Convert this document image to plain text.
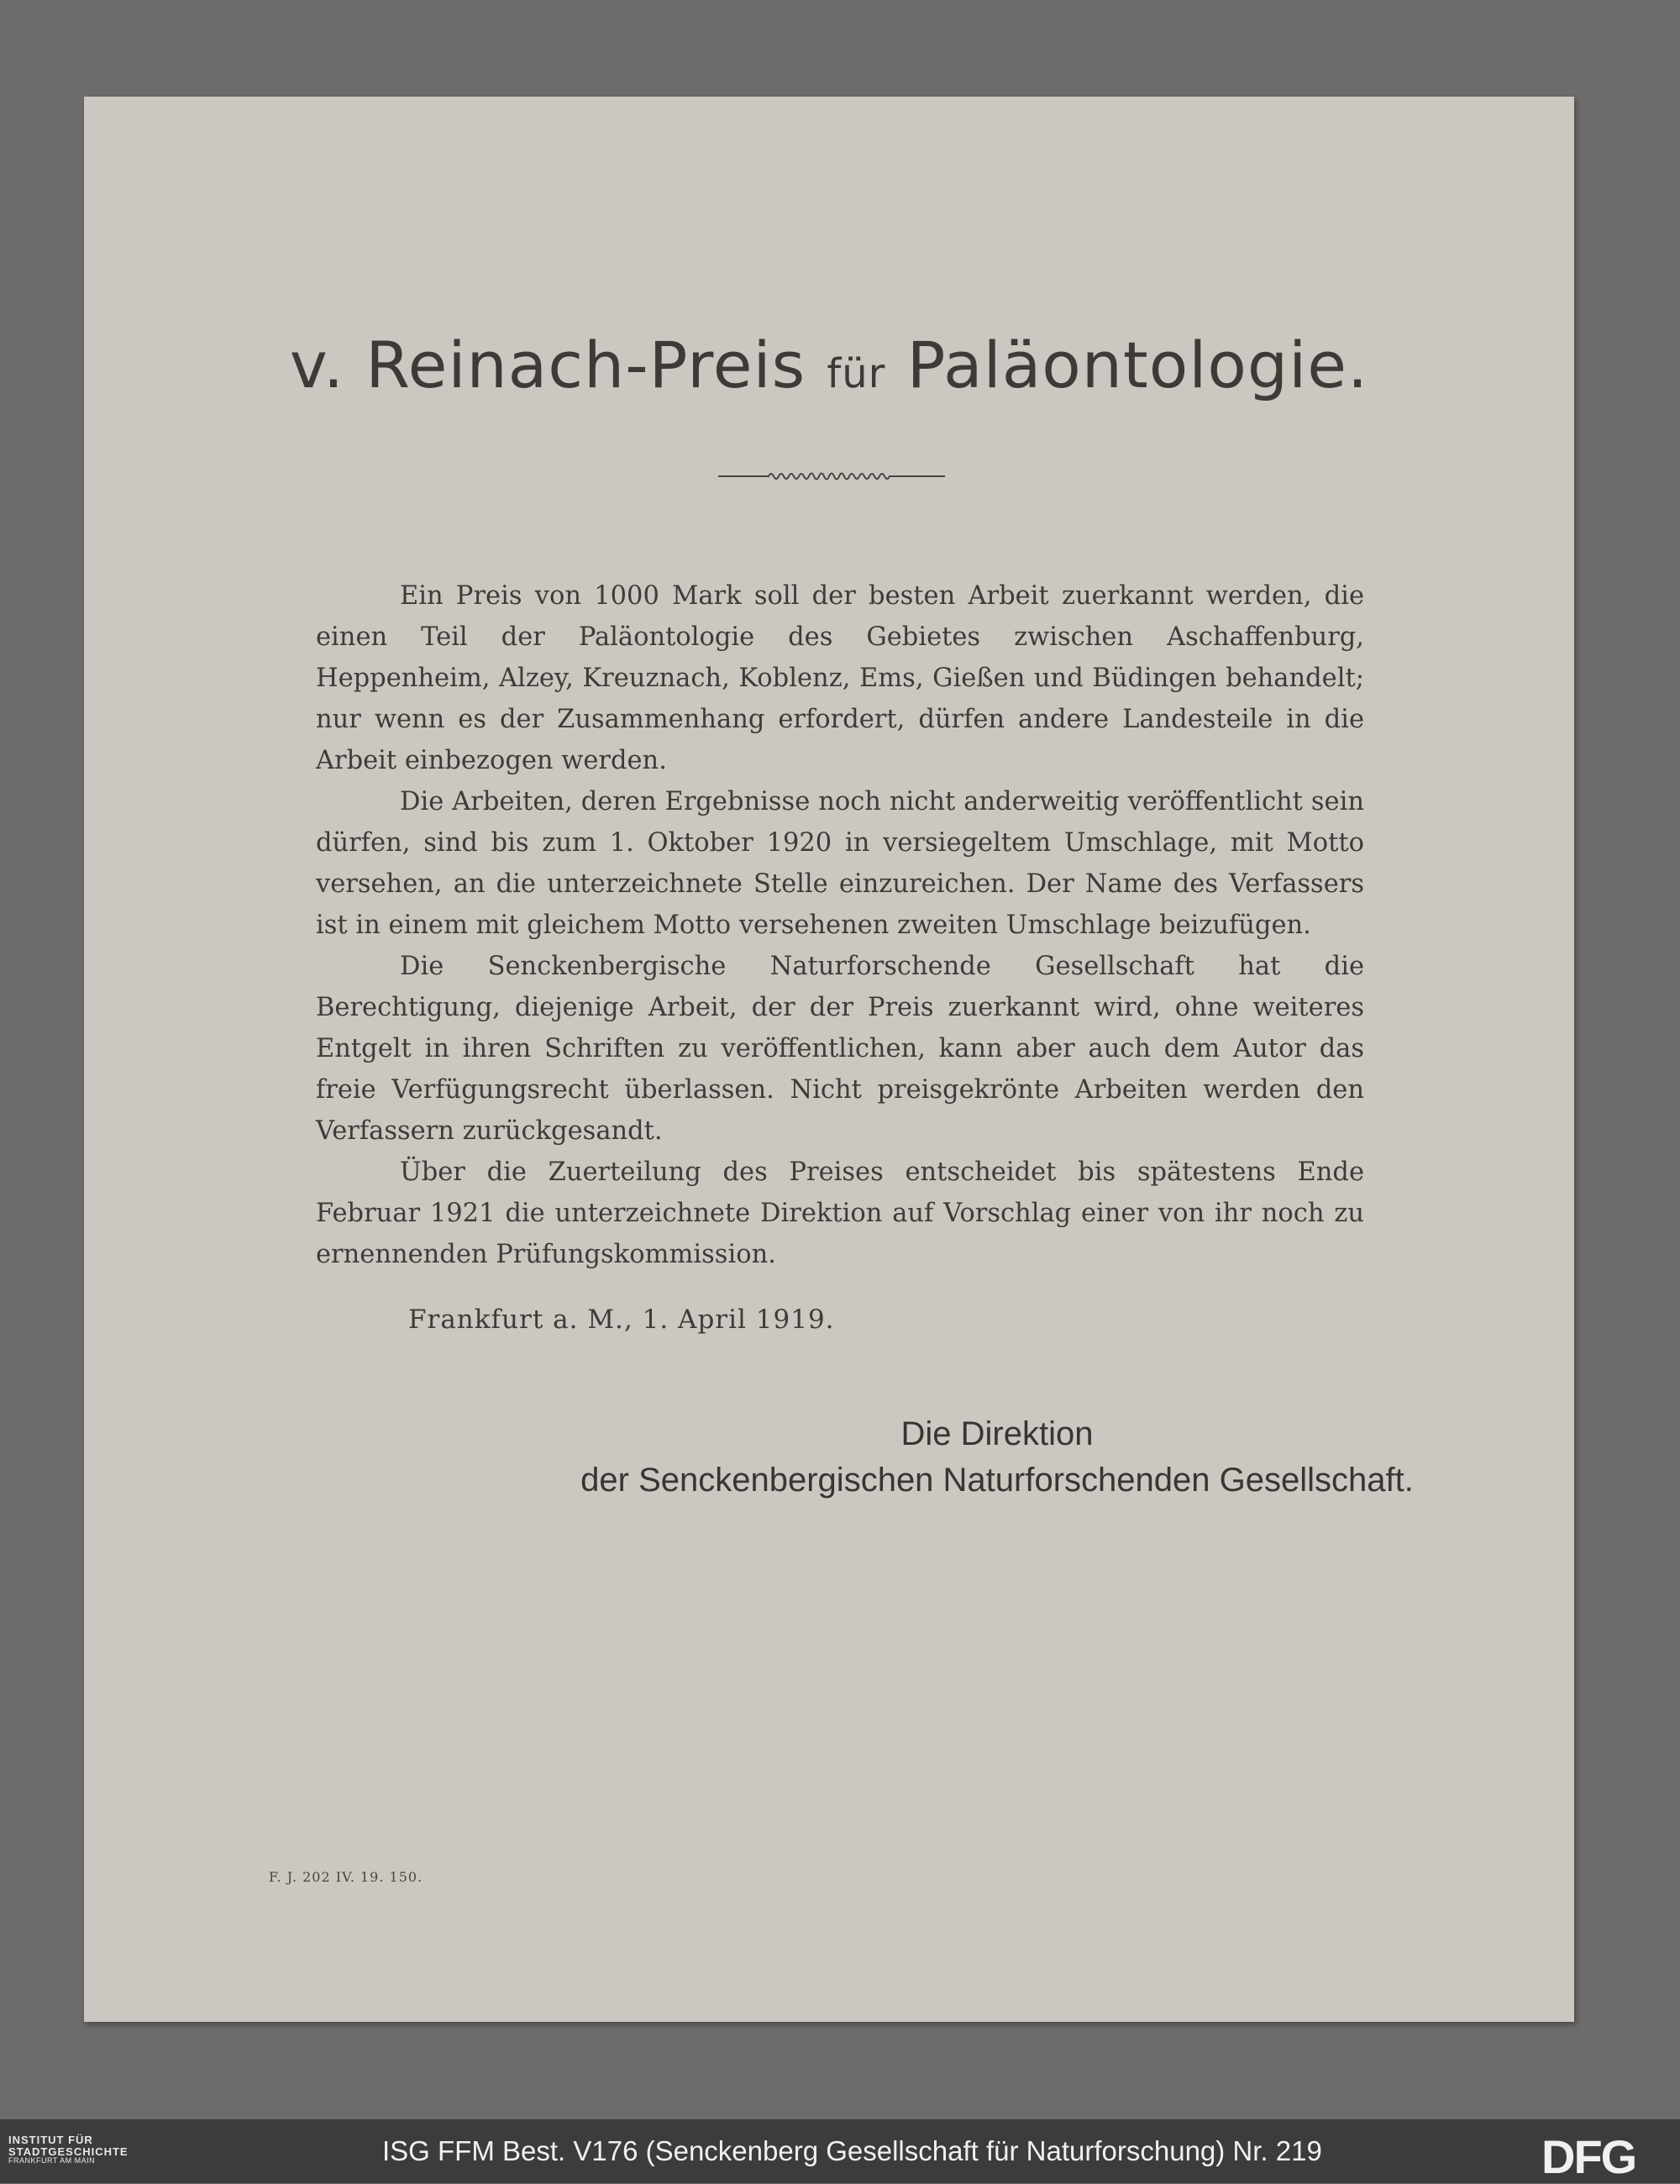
v. Reinach-Preis für Paläontologie.

Ein Preis von 1000 Mark soll der besten Arbeit zuerkannt werden, die einen Teil der Paläontologie des Gebietes zwischen Aschaffenburg, Heppenheim, Alzey, Kreuznach, Koblenz, Ems, Gießen und Büdingen behandelt; nur wenn es der Zusammenhang erfordert, dürfen andere Landesteile in die Arbeit einbezogen werden.

Die Arbeiten, deren Ergebnisse noch nicht anderweitig veröffentlicht sein dürfen, sind bis zum 1. Oktober 1920 in versiegeltem Umschlage, mit Motto versehen, an die unterzeichnete Stelle einzureichen. Der Name des Verfassers ist in einem mit gleichem Motto versehenen zweiten Umschlage beizufügen.

Die Senckenbergische Naturforschende Gesellschaft hat die Berechtigung, diejenige Arbeit, der der Preis zuerkannt wird, ohne weiteres Entgelt in ihren Schriften zu veröffentlichen, kann aber auch dem Autor das freie Verfügungsrecht überlassen. Nicht preisgekrönte Arbeiten werden den Verfassern zurückgesandt.

Über die Zuerteilung des Preises entscheidet bis spätestens Ende Februar 1921 die unterzeichnete Direktion auf Vorschlag einer von ihr noch zu ernennenden Prüfungskommission.

Frankfurt a. M., 1. April 1919.
Die Direktion
der Senckenbergischen Naturforschenden Gesellschaft.
F. J. 202 IV. 19. 150.
INSTITUT FÜR
STADTGESCHICHTE
FRANKFURT AM MAIN	ISG FFM Best. V176 (Senckenberg Gesellschaft für Naturforschung) Nr. 219	DFG
